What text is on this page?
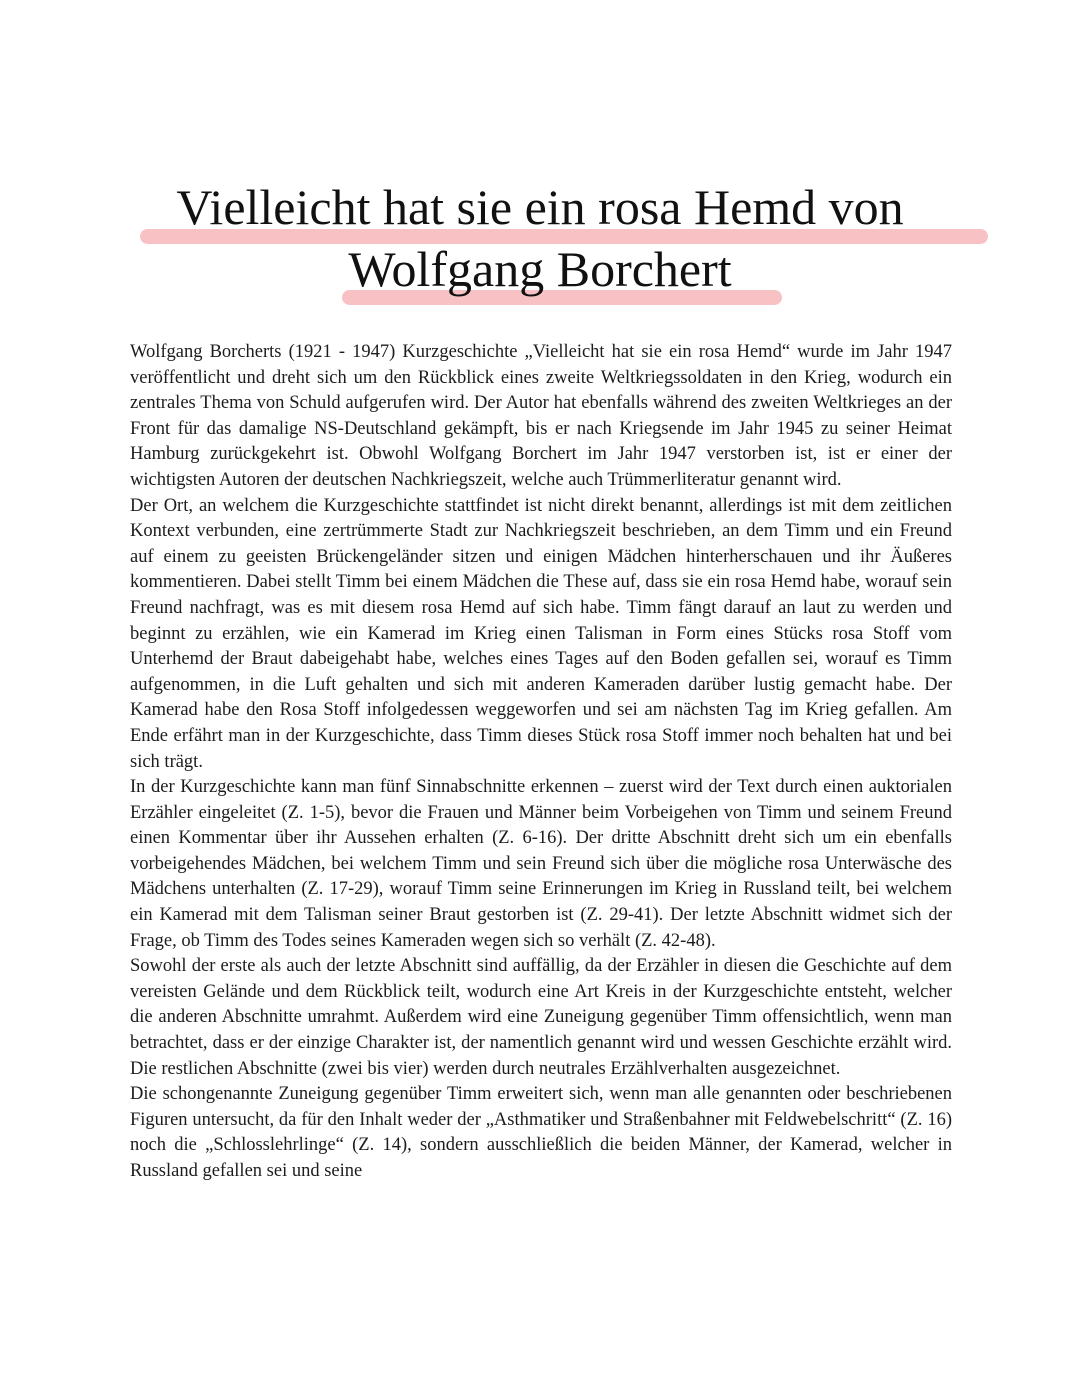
Vielleicht hat sie ein rosa Hemd von
Wolfgang Borchert

Wolfgang Borcherts (1921 - 1947) Kurzgeschichte „Vielleicht hat sie ein rosa Hemd“ wurde im Jahr 1947 veröffentlicht und dreht sich um den Rückblick eines zweite Weltkriegssoldaten in den Krieg, wodurch ein zentrales Thema von Schuld aufgerufen wird. Der Autor hat ebenfalls während des zweiten Weltkrieges an der Front für das damalige NS-Deutschland gekämpft, bis er nach Kriegsende im Jahr 1945 zu seiner Heimat Hamburg zurückgekehrt ist. Obwohl Wolfgang Borchert im Jahr 1947 verstorben ist, ist er einer der wichtigsten Autoren der deutschen Nachkriegszeit, welche auch Trümmerliteratur genannt wird.

Der Ort, an welchem die Kurzgeschichte stattfindet ist nicht direkt benannt, allerdings ist mit dem zeitlichen Kontext verbunden, eine zertrümmerte Stadt zur Nachkriegszeit beschrieben, an dem Timm und ein Freund auf einem zu geeisten Brückengeländer sitzen und einigen Mädchen hinterherschauen und ihr Äußeres kommentieren. Dabei stellt Timm bei einem Mädchen die These auf, dass sie ein rosa Hemd habe, worauf sein Freund nachfragt, was es mit diesem rosa Hemd auf sich habe. Timm fängt darauf an laut zu werden und beginnt zu erzählen, wie ein Kamerad im Krieg einen Talisman in Form eines Stücks rosa Stoff vom Unterhemd der Braut dabeigehabt habe, welches eines Tages auf den Boden gefallen sei, worauf es Timm aufgenommen, in die Luft gehalten und sich mit anderen Kameraden darüber lustig gemacht habe. Der Kamerad habe den Rosa Stoff infolgedessen weggeworfen und sei am nächsten Tag im Krieg gefallen. Am Ende erfährt man in der Kurzgeschichte, dass Timm dieses Stück rosa Stoff immer noch behalten hat und bei sich trägt.

In der Kurzgeschichte kann man fünf Sinnabschnitte erkennen – zuerst wird der Text durch einen auktorialen Erzähler eingeleitet (Z. 1-5), bevor die Frauen und Männer beim Vorbeigehen von Timm und seinem Freund einen Kommentar über ihr Aussehen erhalten (Z. 6-16). Der dritte Abschnitt dreht sich um ein ebenfalls vorbeigehendes Mädchen, bei welchem Timm und sein Freund sich über die mögliche rosa Unterwäsche des Mädchens unterhalten (Z. 17-29), worauf Timm seine Erinnerungen im Krieg in Russland teilt, bei welchem ein Kamerad mit dem Talisman seiner Braut gestorben ist (Z. 29-41). Der letzte Abschnitt widmet sich der Frage, ob Timm des Todes seines Kameraden wegen sich so verhält (Z. 42-48).

Sowohl der erste als auch der letzte Abschnitt sind auffällig, da der Erzähler in diesen die Geschichte auf dem vereisten Gelände und dem Rückblick teilt, wodurch eine Art Kreis in der Kurzgeschichte entsteht, welcher die anderen Abschnitte umrahmt. Außerdem wird eine Zuneigung gegenüber Timm offensichtlich, wenn man betrachtet, dass er der einzige Charakter ist, der namentlich genannt wird und wessen Geschichte erzählt wird. Die restlichen Abschnitte (zwei bis vier) werden durch neutrales Erzählverhalten ausgezeichnet.

Die schongenannte Zuneigung gegenüber Timm erweitert sich, wenn man alle genannten oder beschriebenen Figuren untersucht, da für den Inhalt weder der „Asthmatiker und Straßenbahner mit Feldwebelschritt“ (Z. 16) noch die „Schlosslehrlinge“ (Z. 14), sondern ausschließlich die beiden Männer, der Kamerad, welcher in Russland gefallen sei und seine
